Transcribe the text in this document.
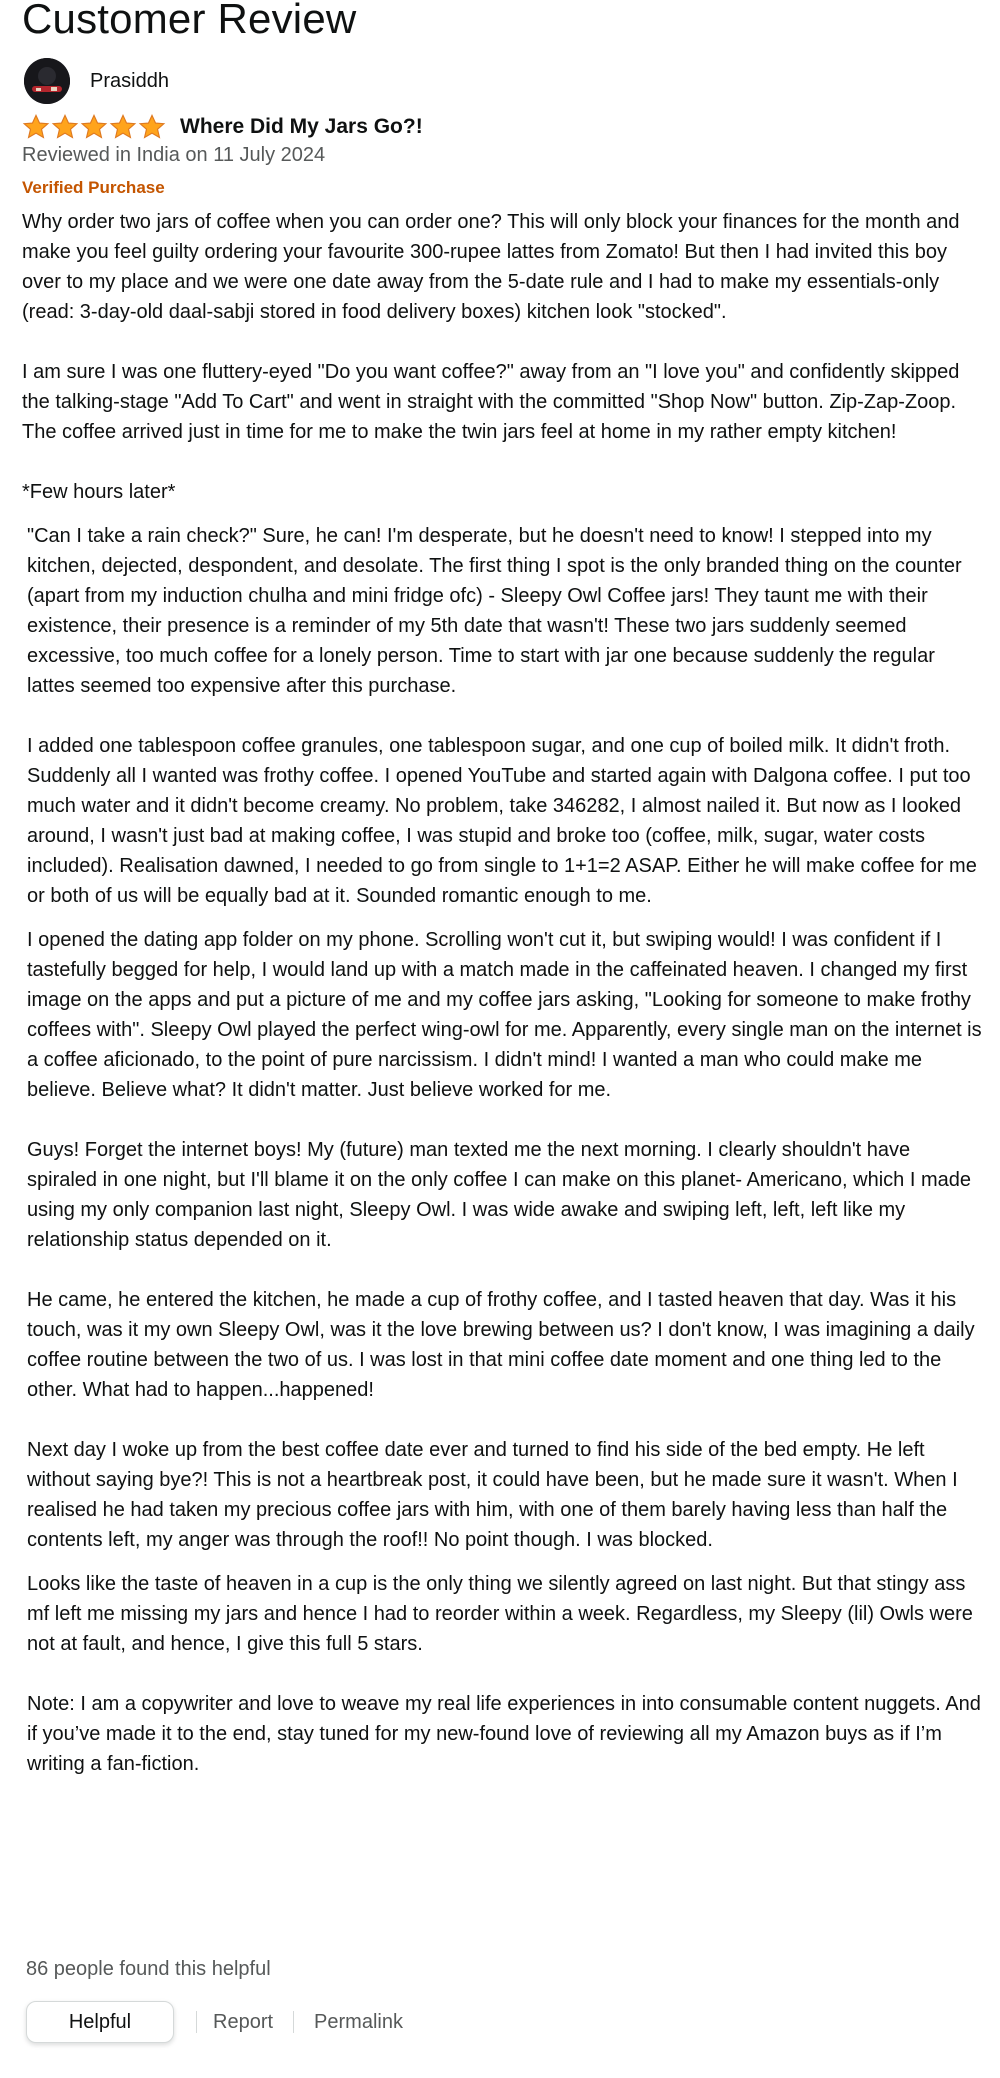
Customer Review
Prasiddh
Where Did My Jars Go?!
Reviewed in India on 11 July 2024
Verified Purchase

Why order two jars of coffee when you can order one? This will only block your finances for the month and make you feel guilty ordering your favourite 300-rupee lattes from Zomato! But then I had invited this boy over to my place and we were one date away from the 5-date rule and I had to make my essentials-only (read: 3-day-old daal-sabji stored in food delivery boxes) kitchen look "stocked".

I am sure I was one fluttery-eyed "Do you want coffee?" away from an "I love you" and confidently skipped the talking-stage "Add To Cart" and went in straight with the committed "Shop Now" button. Zip-Zap-Zoop. The coffee arrived just in time for me to make the twin jars feel at home in my rather empty kitchen!

*Few hours later*

"Can I take a rain check?" Sure, he can! I'm desperate, but he doesn't need to know! I stepped into my kitchen, dejected, despondent, and desolate. The first thing I spot is the only branded thing on the counter (apart from my induction chulha and mini fridge ofc) - Sleepy Owl Coffee jars! They taunt me with their existence, their presence is a reminder of my 5th date that wasn't! These two jars suddenly seemed excessive, too much coffee for a lonely person. Time to start with jar one because suddenly the regular lattes seemed too expensive after this purchase.

I added one tablespoon coffee granules, one tablespoon sugar, and one cup of boiled milk. It didn't froth. Suddenly all I wanted was frothy coffee. I opened YouTube and started again with Dalgona coffee. I put too much water and it didn't become creamy. No problem, take 346282, I almost nailed it. But now as I looked around, I wasn't just bad at making coffee, I was stupid and broke too (coffee, milk, sugar, water costs included). Realisation dawned, I needed to go from single to 1+1=2 ASAP. Either he will make coffee for me or both of us will be equally bad at it. Sounded romantic enough to me.

I opened the dating app folder on my phone. Scrolling won't cut it, but swiping would! I was confident if I tastefully begged for help, I would land up with a match made in the caffeinated heaven. I changed my first image on the apps and put a picture of me and my coffee jars asking, "Looking for someone to make frothy coffees with". Sleepy Owl played the perfect wing-owl for me. Apparently, every single man on the internet is a coffee aficionado, to the point of pure narcissism. I didn't mind! I wanted a man who could make me believe. Believe what? It didn't matter. Just believe worked for me.

Guys! Forget the internet boys! My (future) man texted me the next morning. I clearly shouldn't have spiraled in one night, but I'll blame it on the only coffee I can make on this planet- Americano, which I made using my only companion last night, Sleepy Owl. I was wide awake and swiping left, left, left like my relationship status depended on it.

He came, he entered the kitchen, he made a cup of frothy coffee, and I tasted heaven that day. Was it his touch, was it my own Sleepy Owl, was it the love brewing between us? I don't know, I was imagining a daily coffee routine between the two of us. I was lost in that mini coffee date moment and one thing led to the other. What had to happen...happened!

Next day I woke up from the best coffee date ever and turned to find his side of the bed empty. He left without saying bye?! This is not a heartbreak post, it could have been, but he made sure it wasn't. When I realised he had taken my precious coffee jars with him, with one of them barely having less than half the contents left, my anger was through the roof!! No point though. I was blocked.

Looks like the taste of heaven in a cup is the only thing we silently agreed on last night. But that stingy ass mf left me missing my jars and hence I had to reorder within a week. Regardless, my Sleepy (lil) Owls were not at fault, and hence, I give this full 5 stars.

Note: I am a copywriter and love to weave my real life experiences in into consumable content nuggets. And if you’ve made it to the end, stay tuned for my new-found love of reviewing all my Amazon buys as if I’m writing a fan-fiction.

86 people found this helpful
Helpful	Report Permalink
